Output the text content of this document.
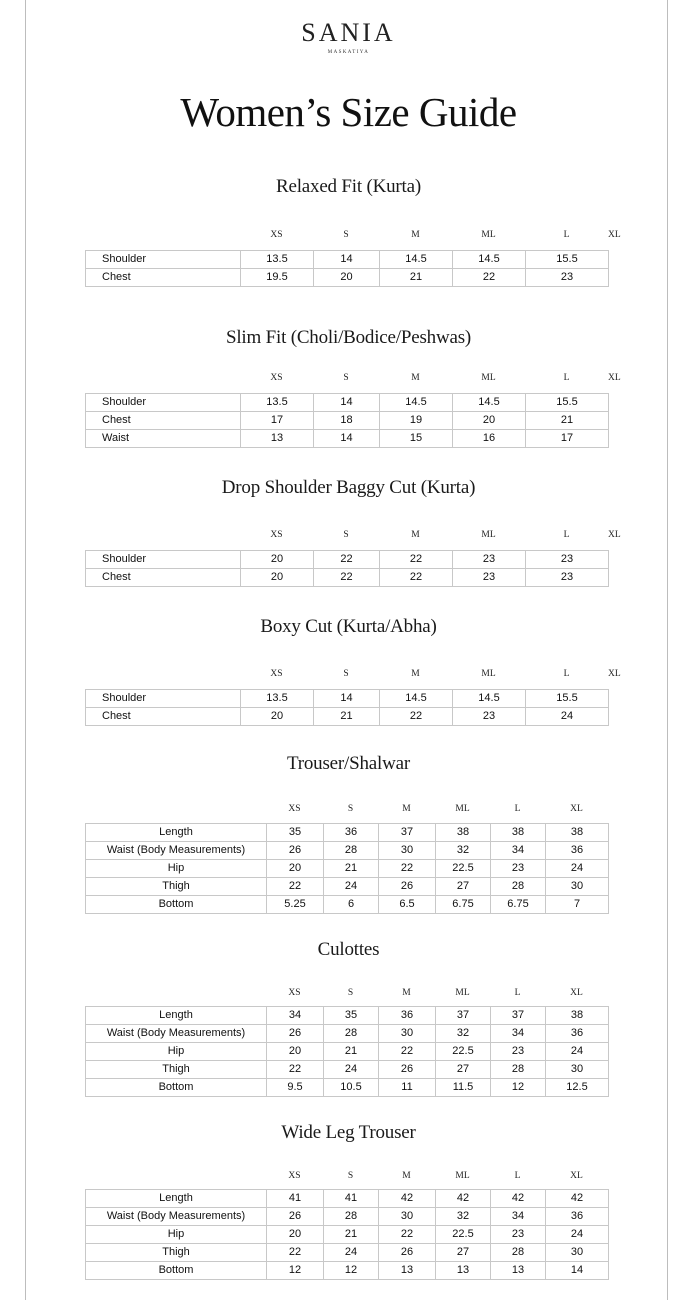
SANIA
MASKATIYA
Women’s Size Guide
Relaxed Fit (Kurta)
XS	S	M	ML	L	XL
Shoulder	13.5	14	14.5	14.5	15.5	
Chest	19.5	20	21	22	23	
Slim Fit (Choli/Bodice/Peshwas)
XS	S	M	ML	L	XL
Shoulder	13.5	14	14.5	14.5	15.5	
Chest	17	18	19	20	21	
Waist	13	14	15	16	17	
Drop Shoulder Baggy Cut (Kurta)
XS	S	M	ML	L	XL
Shoulder	20	22	22	23	23	
Chest	20	22	22	23	23	
Boxy Cut (Kurta/Abha)
XS	S	M	ML	L	XL
Shoulder	13.5	14	14.5	14.5	15.5	
Chest	20	21	22	23	24	
Trouser/Shalwar
XS	S	M	ML	L	XL
Length	35	36	37	38	38	38
Waist (Body Measurements)	26	28	30	32	34	36
Hip	20	21	22	22.5	23	24
Thigh	22	24	26	27	28	30
Bottom	5.25	6	6.5	6.75	6.75	7
Culottes
XS	S	M	ML	L	XL
Length	34	35	36	37	37	38
Waist (Body Measurements)	26	28	30	32	34	36
Hip	20	21	22	22.5	23	24
Thigh	22	24	26	27	28	30
Bottom	9.5	10.5	11	11.5	12	12.5
Wide Leg Trouser
XS	S	M	ML	L	XL
Length	41	41	42	42	42	42
Waist (Body Measurements)	26	28	30	32	34	36
Hip	20	21	22	22.5	23	24
Thigh	22	24	26	27	28	30
Bottom	12	12	13	13	13	14
